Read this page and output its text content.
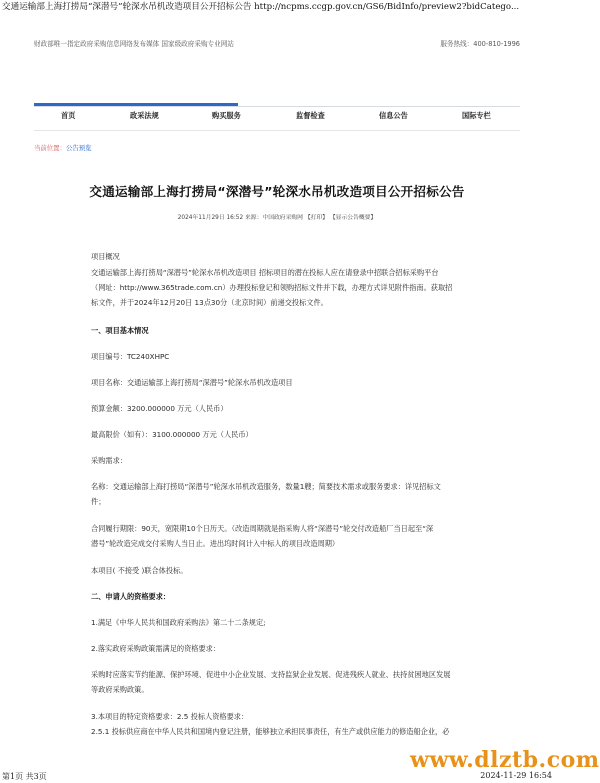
交通运输部上海打捞局“深潜号”轮深水吊机改造项目公开招标公告 http://ncpms.ccgp.gov.cn/GS6/BidInfo/preview2?bidCatego...
财政部唯一指定政府采购信息网络发布媒体 国家级政府采购专业网站	服务热线：400-810-1996
首页	政采法规	购买服务	监督检查	信息公告	国际专栏
当前位置：公告预览
交通运输部上海打捞局“深潜号”轮深水吊机改造项目公开招标公告
2024年11月29日 16:52 来源：中国政府采购网 【打印】 【显示公告概要】
项目概况
交通运输部上海打捞局“深潜号”轮深水吊机改造项目 招标项目的潜在投标人应在请登录中招联合招标采购平台
（网址：http://www.365trade.com.cn）办理投标登记和领购招标文件并下载，办理方式详见附件指南。获取招
标文件，并于2024年12月20日 13点30分（北京时间）前递交投标文件。
一、项目基本情况
项目编号：TC240XHPC
项目名称：交通运输部上海打捞局“深潜号”轮深水吊机改造项目
预算金额：3200.000000 万元（人民币）
最高限价（如有）：3100.000000 万元（人民币）
采购需求：
名称：交通运输部上海打捞局“深潜号”轮深水吊机改造服务，数量1艘；简要技术需求或服务要求：详见招标文
件；
合同履行期限：90天，宽限期10个日历天。（改造周期就是指采购人将“深潜号”轮交付改造船厂当日起至“深
潜号”轮改造完成交付采购人当日止。进出坞时间计入中标人的项目改造周期）
本项目( 不接受 )联合体投标。
二、申请人的资格要求：
1.满足《中华人民共和国政府采购法》第二十二条规定;
2.落实政府采购政策需满足的资格要求：
采购时应落实节约能源、保护环境、促进中小企业发展、支持监狱企业发展、促进残疾人就业、扶持贫困地区发展
等政府采购政策。
3.本项目的特定资格要求：2.5 投标人资格要求：
2.5.1 投标供应商在中华人民共和国境内登记注册，能够独立承担民事责任，有生产或供应能力的修造船企业，必
www.dlztb.com
第1页 共3页	2024-11-29 16:54
